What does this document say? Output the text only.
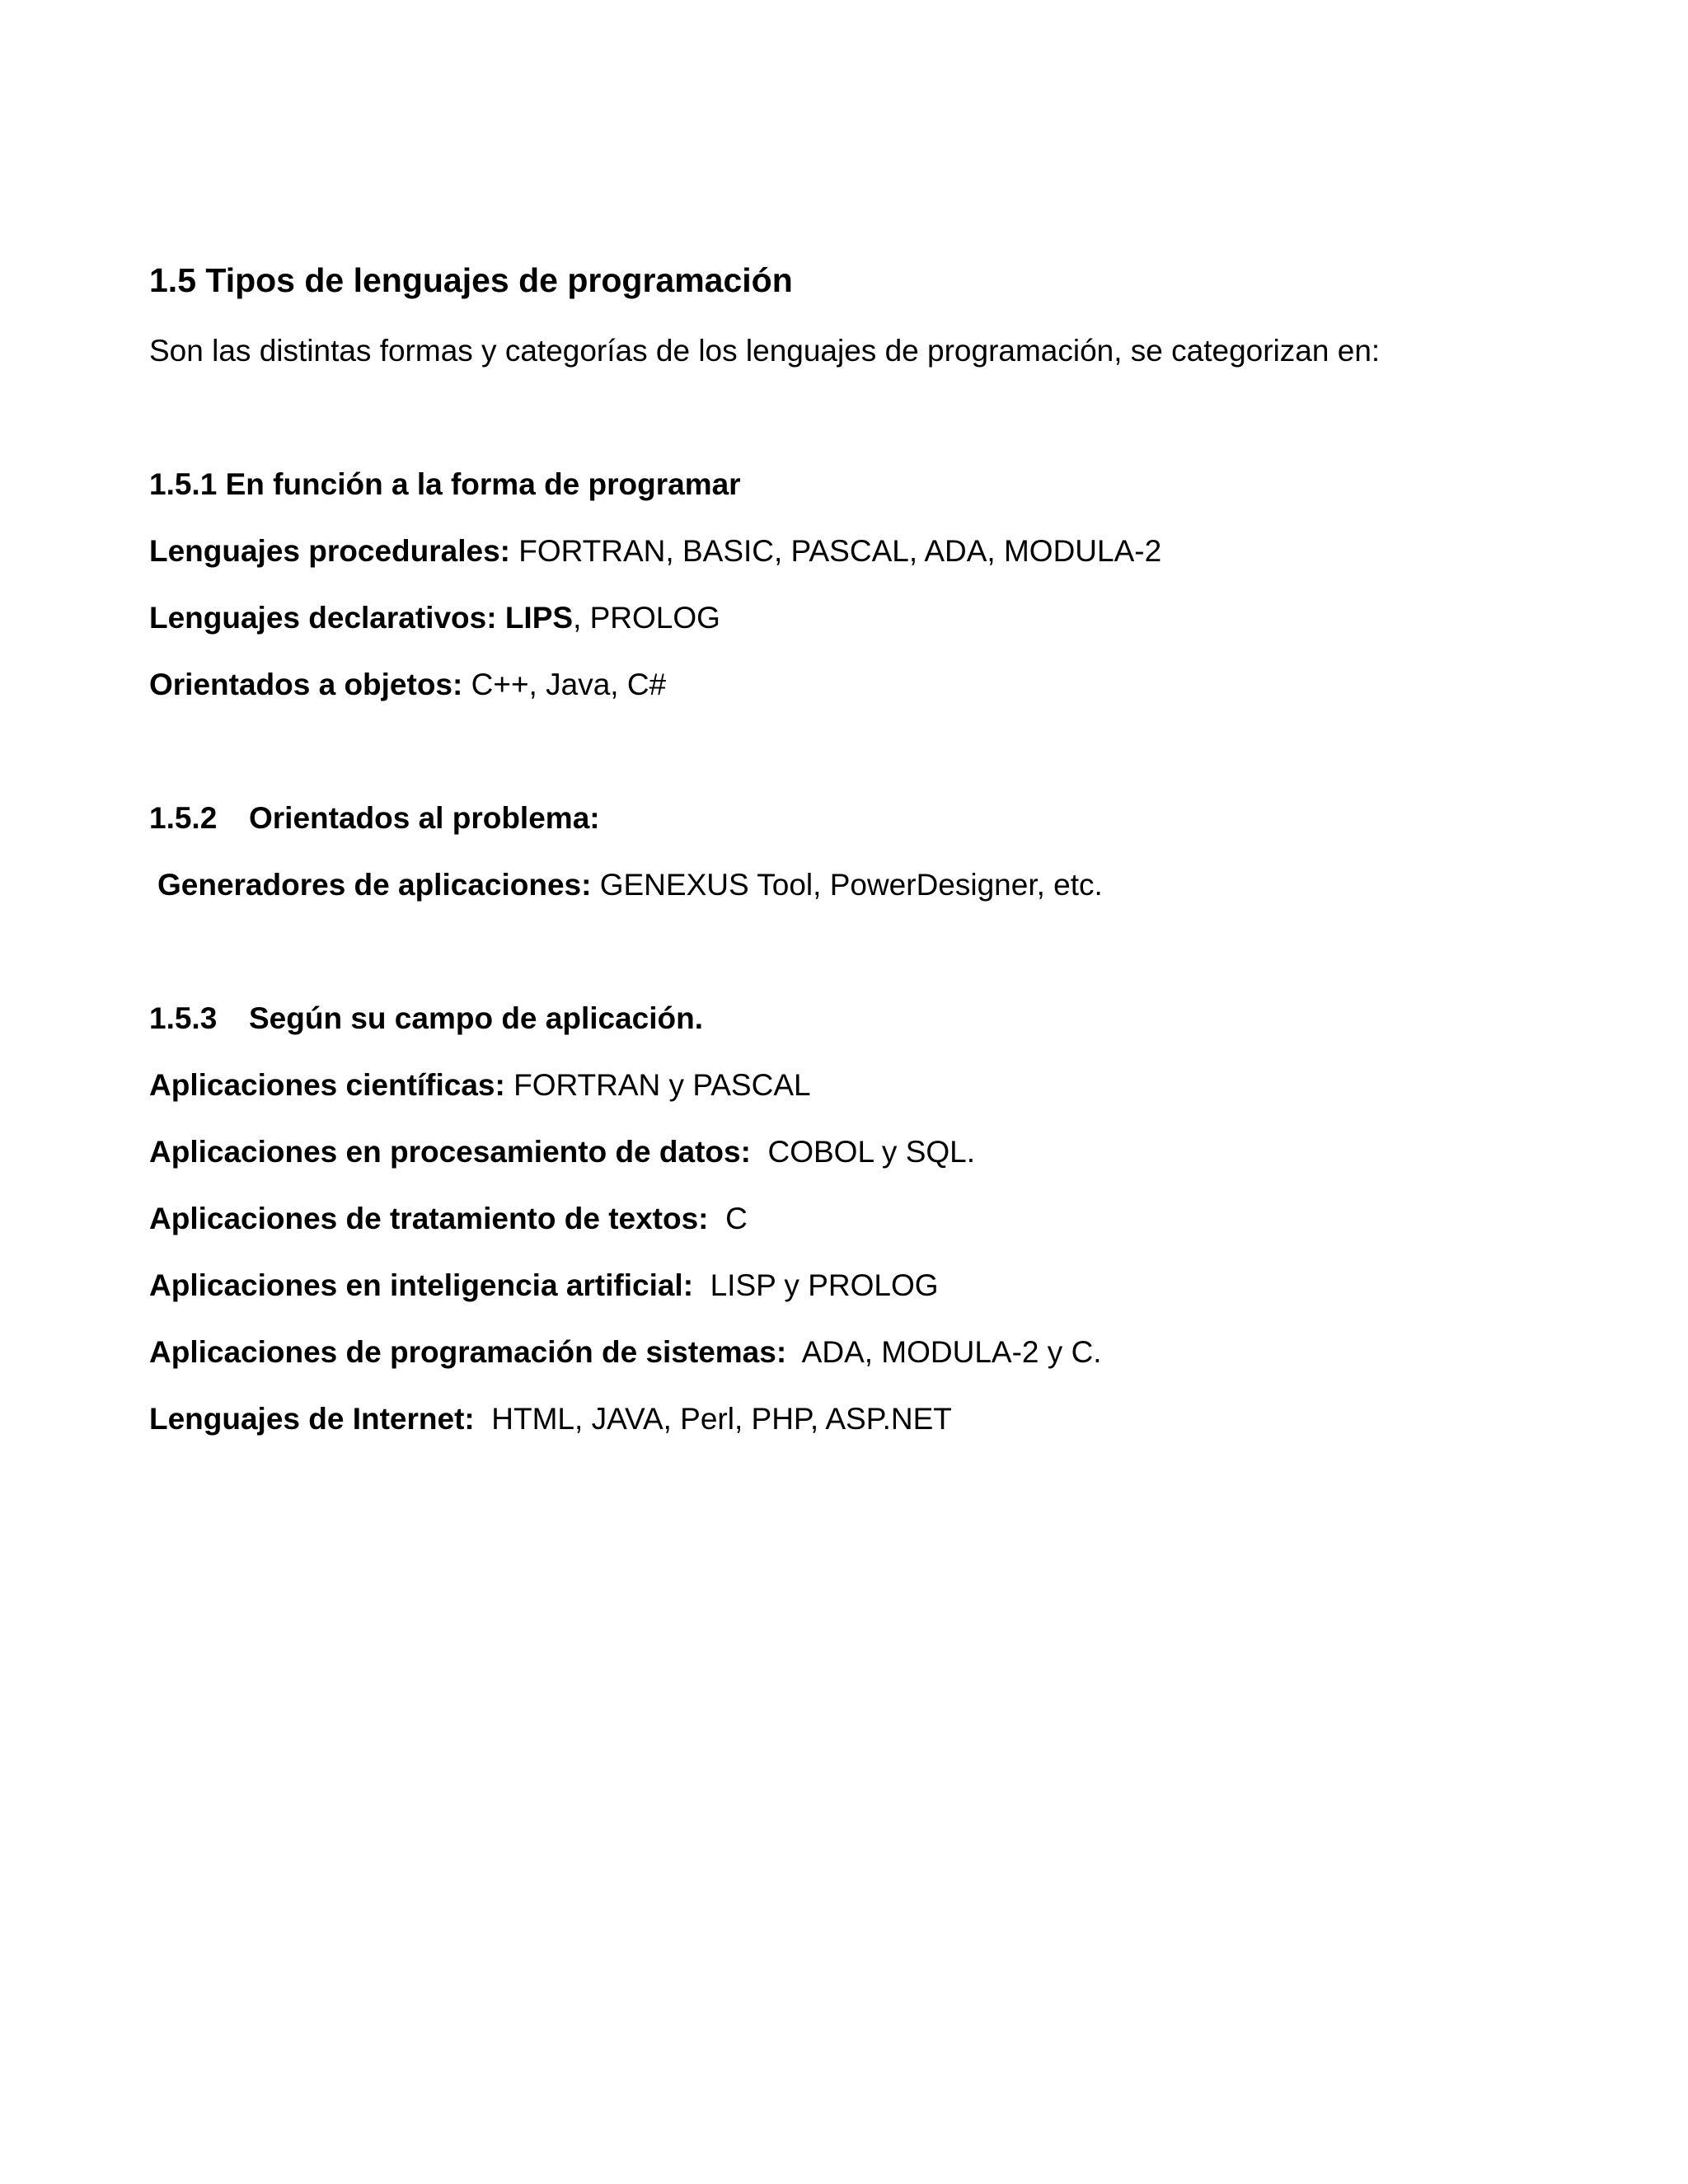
1.5 Tipos de lenguajes de programación
Son las distintas formas y categorías de los lenguajes de programación, se categorizan en:
1.5.1 En función a la forma de programar
Lenguajes procedurales: FORTRAN, BASIC, PASCAL, ADA, MODULA-2
Lenguajes declarativos: LIPS, PROLOG
Orientados a objetos: C++, Java, C#
1.5.2 Orientados al problema:
Generadores de aplicaciones: GENEXUS Tool, PowerDesigner, etc.
1.5.3 Según su campo de aplicación.
Aplicaciones científicas: FORTRAN y PASCAL
Aplicaciones en procesamiento de datos:  COBOL y SQL.
Aplicaciones de tratamiento de textos:  C
Aplicaciones en inteligencia artificial:  LISP y PROLOG
Aplicaciones de programación de sistemas:  ADA, MODULA-2 y C.
Lenguajes de Internet:  HTML, JAVA, Perl, PHP, ASP.NET
